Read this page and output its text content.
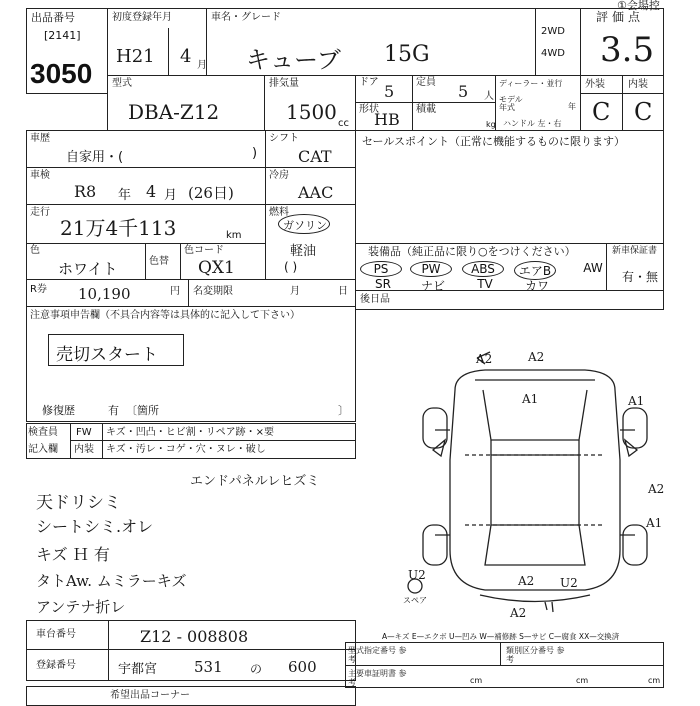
①会場控
出品番号
[2141]
3050
初度登録年月
H21 4 月
車名・グレード
キューブ 15G
2WD
4WD
評価点
3.5
型式
DBA-Z12
排気量
1500 cc
ドア 5 定員 5 人
形状
HB
積載
kg
ディーラー・並行
モデル 年式	年
ハンドル 左・右
外装 内装
C C
車歴
自家用・(	)
シフト
CAT
車検
R8 年 4 月 (26日)
冷房
AAC
走行
21万4千113	km
燃料
ガソリン
軽油
( )
色
ホワイト	色替
色コード
QX1
R券 10,190	円 名変期限	月	日
注意事項申告欄（不具合内容等は具体的に記入して下さい）
売切スタート
修復歴	有 〔箇所	〕
検査員
記入欄
FW キズ・凹凸・ヒビ割・リペア跡・×要
内装 キズ・汚レ・コゲ・穴・ヌレ・破し
エンドパネルレヒズミ
天ドリシミ
シートシミ.オレ
キズ Ｈ 有
タトAw. ムミラーキズ
アンテナ折レ
セールスポイント（正常に機能するものに限ります）
装備品（純正品に限り○をつけください）	新車保証書
有・無
PS	PW	ABS	エアB	AW
SR	ナビ	TV	カワ
後日品
A2	A2
A1	A1
A2
A1
U2	A2 U2
A2
スペア
A—キズ E—エクボ U—凹み W—補修跡 S—サビ C—腐食 XX—交換済
車台番号	Z12 - 008808
登録番号	宇都宮 531 の 600
型式指定番号 参考
類別区分番号 参考
主要車証明書 参考	cm	cm	cm
希望出品コーナー
